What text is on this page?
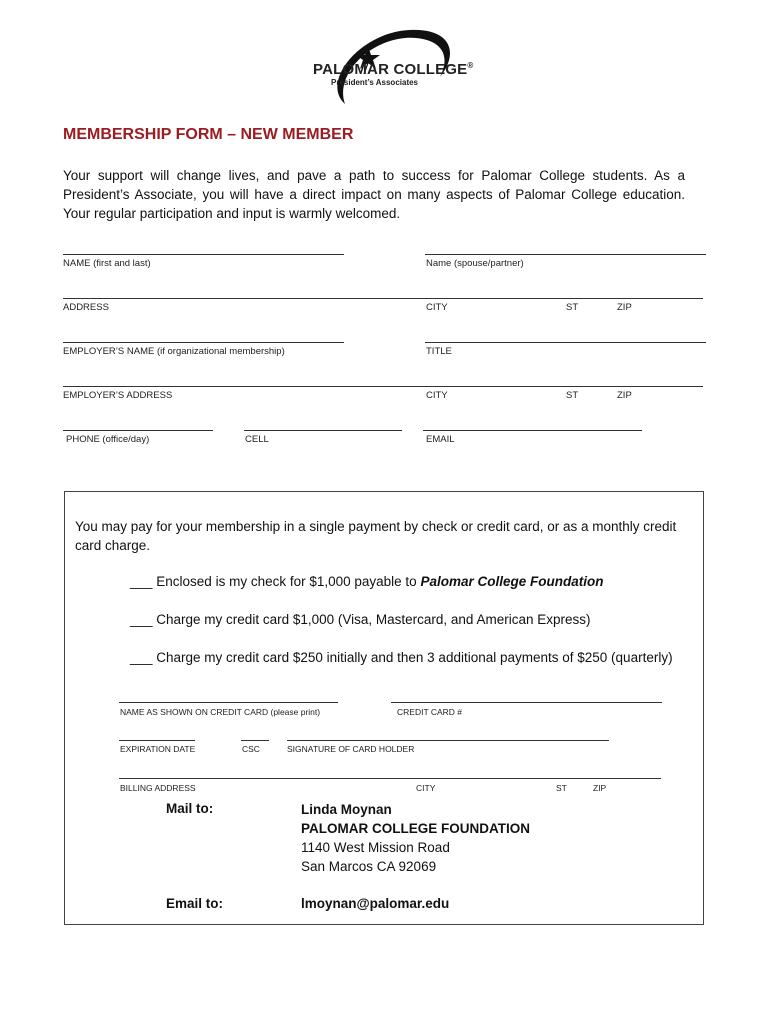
PALOMAR COLLEGE®
President’s Associates
MEMBERSHIP FORM – NEW MEMBER
Your support will change lives, and pave a path to success for Palomar College students. As a President’s Associate, you will have a direct impact on many aspects of Palomar College education. Your regular participation and input is warmly welcomed.
NAME (first and last)	Name (spouse/partner)
ADDRESS	CITY	ST	ZIP
EMPLOYER’S NAME (if organizational membership)	TITLE
EMPLOYER’S ADDRESS	CITY	ST	ZIP
PHONE (office/day)	CELL	EMAIL
You may pay for your membership in a single payment by check or credit card, or as a monthly credit card charge.
___ Enclosed is my check for $1,000 payable to Palomar College Foundation
___ Charge my credit card $1,000 (Visa, Mastercard, and American Express)
___ Charge my credit card $250 initially and then 3 additional payments of $250 (quarterly)
NAME AS SHOWN ON CREDIT CARD (please print)	CREDIT CARD #
EXPIRATION DATE	CSC	SIGNATURE OF CARD HOLDER
BILLING ADDRESS	CITY	ST	ZIP
Mail to:	Linda Moynan
PALOMAR COLLEGE FOUNDATION
1140 West Mission Road
San Marcos CA 92069
Email to:	lmoynan@palomar.edu
